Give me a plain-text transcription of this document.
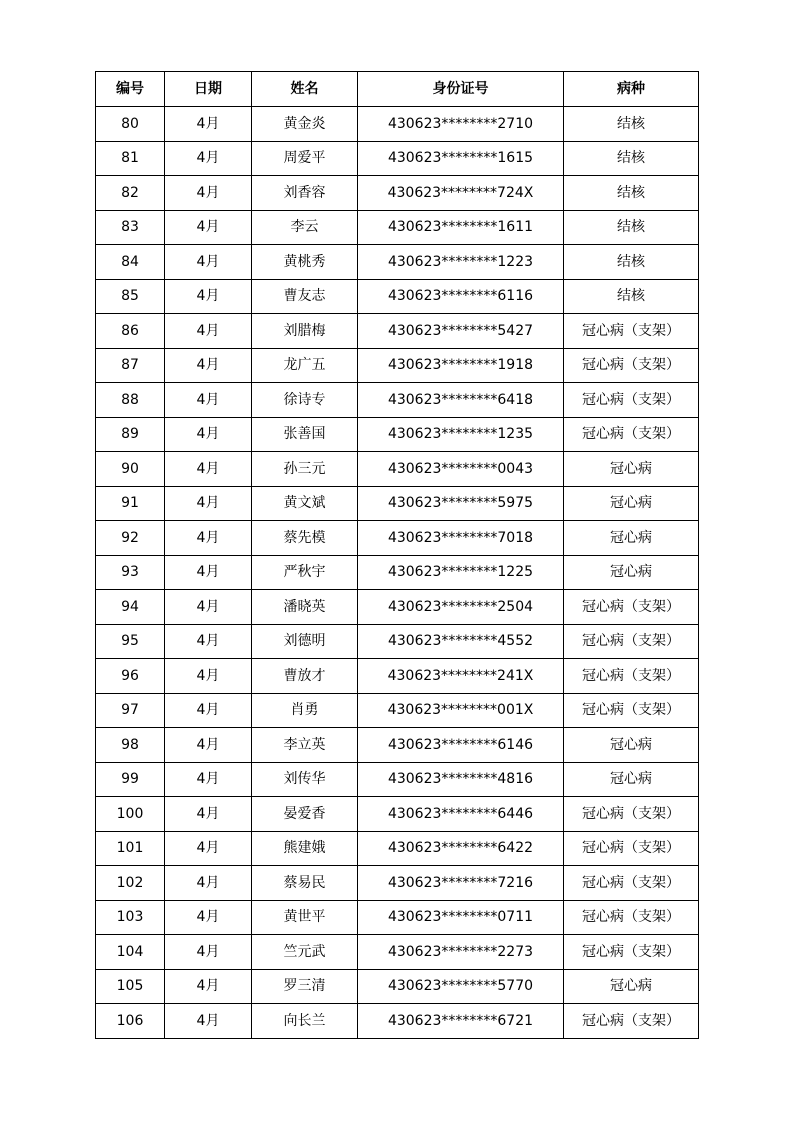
编号	日期	姓名	身份证号	病种
80	4月	黄金炎	430623********2710	结核
81	4月	周爱平	430623********1615	结核
82	4月	刘香容	430623********724X	结核
83	4月	李云	430623********1611	结核
84	4月	黄桃秀	430623********1223	结核
85	4月	曹友志	430623********6116	结核
86	4月	刘腊梅	430623********5427	冠心病（支架）
87	4月	龙广五	430623********1918	冠心病（支架）
88	4月	徐诗专	430623********6418	冠心病（支架）
89	4月	张善国	430623********1235	冠心病（支架）
90	4月	孙三元	430623********0043	冠心病
91	4月	黄文斌	430623********5975	冠心病
92	4月	蔡先模	430623********7018	冠心病
93	4月	严秋宇	430623********1225	冠心病
94	4月	潘晓英	430623********2504	冠心病（支架）
95	4月	刘德明	430623********4552	冠心病（支架）
96	4月	曹放才	430623********241X	冠心病（支架）
97	4月	肖勇	430623********001X	冠心病（支架）
98	4月	李立英	430623********6146	冠心病
99	4月	刘传华	430623********4816	冠心病
100	4月	晏爱香	430623********6446	冠心病（支架）
101	4月	熊建娥	430623********6422	冠心病（支架）
102	4月	蔡易民	430623********7216	冠心病（支架）
103	4月	黄世平	430623********0711	冠心病（支架）
104	4月	竺元武	430623********2273	冠心病（支架）
105	4月	罗三清	430623********5770	冠心病
106	4月	向长兰	430623********6721	冠心病（支架）
